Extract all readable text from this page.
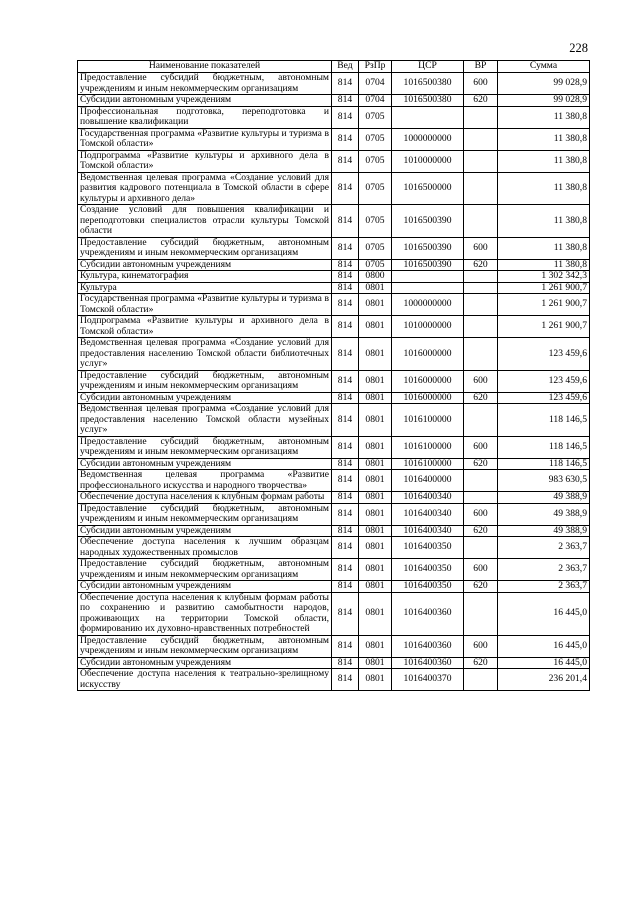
228
Наименование показателей	Вед	РзПр	ЦСР	ВР	Сумма
Предоставление субсидий бюджетным, автономным учреждениям и иным некоммерческим организациям	814	0704	1016500380	600	99 028,9
Субсидии автономным учреждениям	814	0704	1016500380	620	99 028,9
Профессиональная подготовка, переподготовка и повышение квалификации	814	0705			11 380,8
Государственная программа «Развитие культуры и туризма в Томской области»	814	0705	1000000000		11 380,8
Подпрограмма «Развитие культуры и архивного дела в Томской области»	814	0705	1010000000		11 380,8
Ведомственная целевая программа «Создание условий для развития кадрового потенциала в Томской области в сфере культуры и архивного дела»	814	0705	1016500000		11 380,8
Создание условий для повышения квалификации и переподготовки специалистов отрасли культуры Томской области	814	0705	1016500390		11 380,8
Предоставление субсидий бюджетным, автономным учреждениям и иным некоммерческим организациям	814	0705	1016500390	600	11 380,8
Субсидии автономным учреждениям	814	0705	1016500390	620	11 380,8
Культура, кинематография	814	0800			1 302 342,3
Культура	814	0801			1 261 900,7
Государственная программа «Развитие культуры и туризма в Томской области»	814	0801	1000000000		1 261 900,7
Подпрограмма «Развитие культуры и архивного дела в Томской области»	814	0801	1010000000		1 261 900,7
Ведомственная целевая программа «Создание условий для предоставления населению Томской области библиотечных услуг»	814	0801	1016000000		123 459,6
Предоставление субсидий бюджетным, автономным учреждениям и иным некоммерческим организациям	814	0801	1016000000	600	123 459,6
Субсидии автономным учреждениям	814	0801	1016000000	620	123 459,6
Ведомственная целевая программа «Создание условий для предоставления населению Томской области музейных услуг»	814	0801	1016100000		118 146,5
Предоставление субсидий бюджетным, автономным учреждениям и иным некоммерческим организациям	814	0801	1016100000	600	118 146,5
Субсидии автономным учреждениям	814	0801	1016100000	620	118 146,5
Ведомственная целевая программа «Развитие профессионального искусства и народного творчества»	814	0801	1016400000		983 630,5
Обеспечение доступа населения к клубным формам работы	814	0801	1016400340		49 388,9
Предоставление субсидий бюджетным, автономным учреждениям и иным некоммерческим организациям	814	0801	1016400340	600	49 388,9
Субсидии автономным учреждениям	814	0801	1016400340	620	49 388,9
Обеспечение доступа населения к лучшим образцам народных художественных промыслов	814	0801	1016400350		2 363,7
Предоставление субсидий бюджетным, автономным учреждениям и иным некоммерческим организациям	814	0801	1016400350	600	2 363,7
Субсидии автономным учреждениям	814	0801	1016400350	620	2 363,7
Обеспечение доступа населения к клубным формам работы по сохранению и развитию самобытности народов, проживающих на территории Томской области, формированию их духовно-нравственных потребностей	814	0801	1016400360		16 445,0
Предоставление субсидий бюджетным, автономным учреждениям и иным некоммерческим организациям	814	0801	1016400360	600	16 445,0
Субсидии автономным учреждениям	814	0801	1016400360	620	16 445,0
Обеспечение доступа населения к театрально-зрелищному искусству	814	0801	1016400370		236 201,4
